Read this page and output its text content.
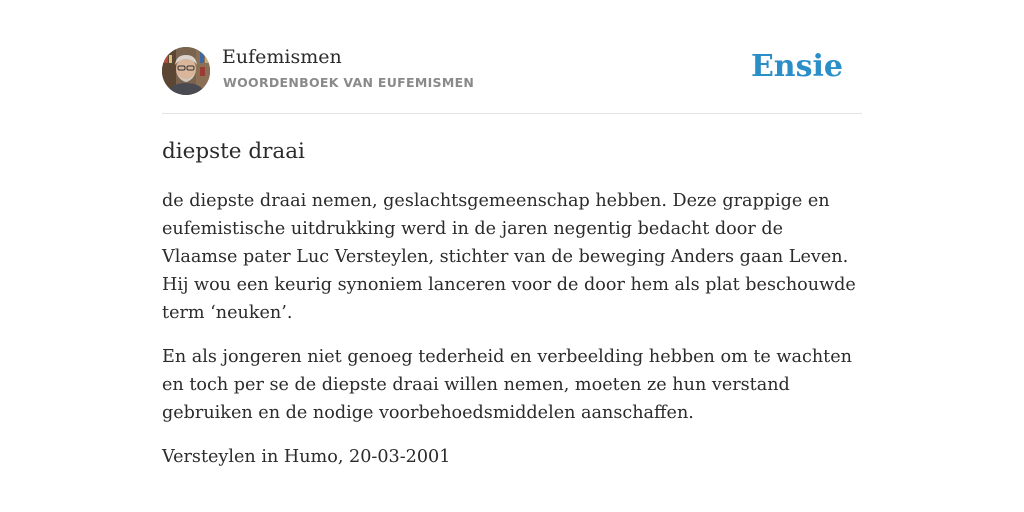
Eufemismen
WOORDENBOEK VAN EUFEMISMEN	Ensie
diepste draai

de diepste draai nemen, geslachtsgemeenschap hebben. Deze grappige en eufemistische uitdrukking werd in de jaren negentig bedacht door de Vlaamse pater Luc Versteylen, stichter van de beweging Anders gaan Leven. Hij wou een keurig synoniem lanceren voor de door hem als plat beschouwde term ‘neuken’.

En als jongeren niet genoeg tederheid en verbeelding hebben om te wachten en toch per se de diepste draai willen nemen, moeten ze hun verstand gebruiken en de nodige voorbehoedsmiddelen aanschaffen.

Versteylen in Humo, 20-03-2001
